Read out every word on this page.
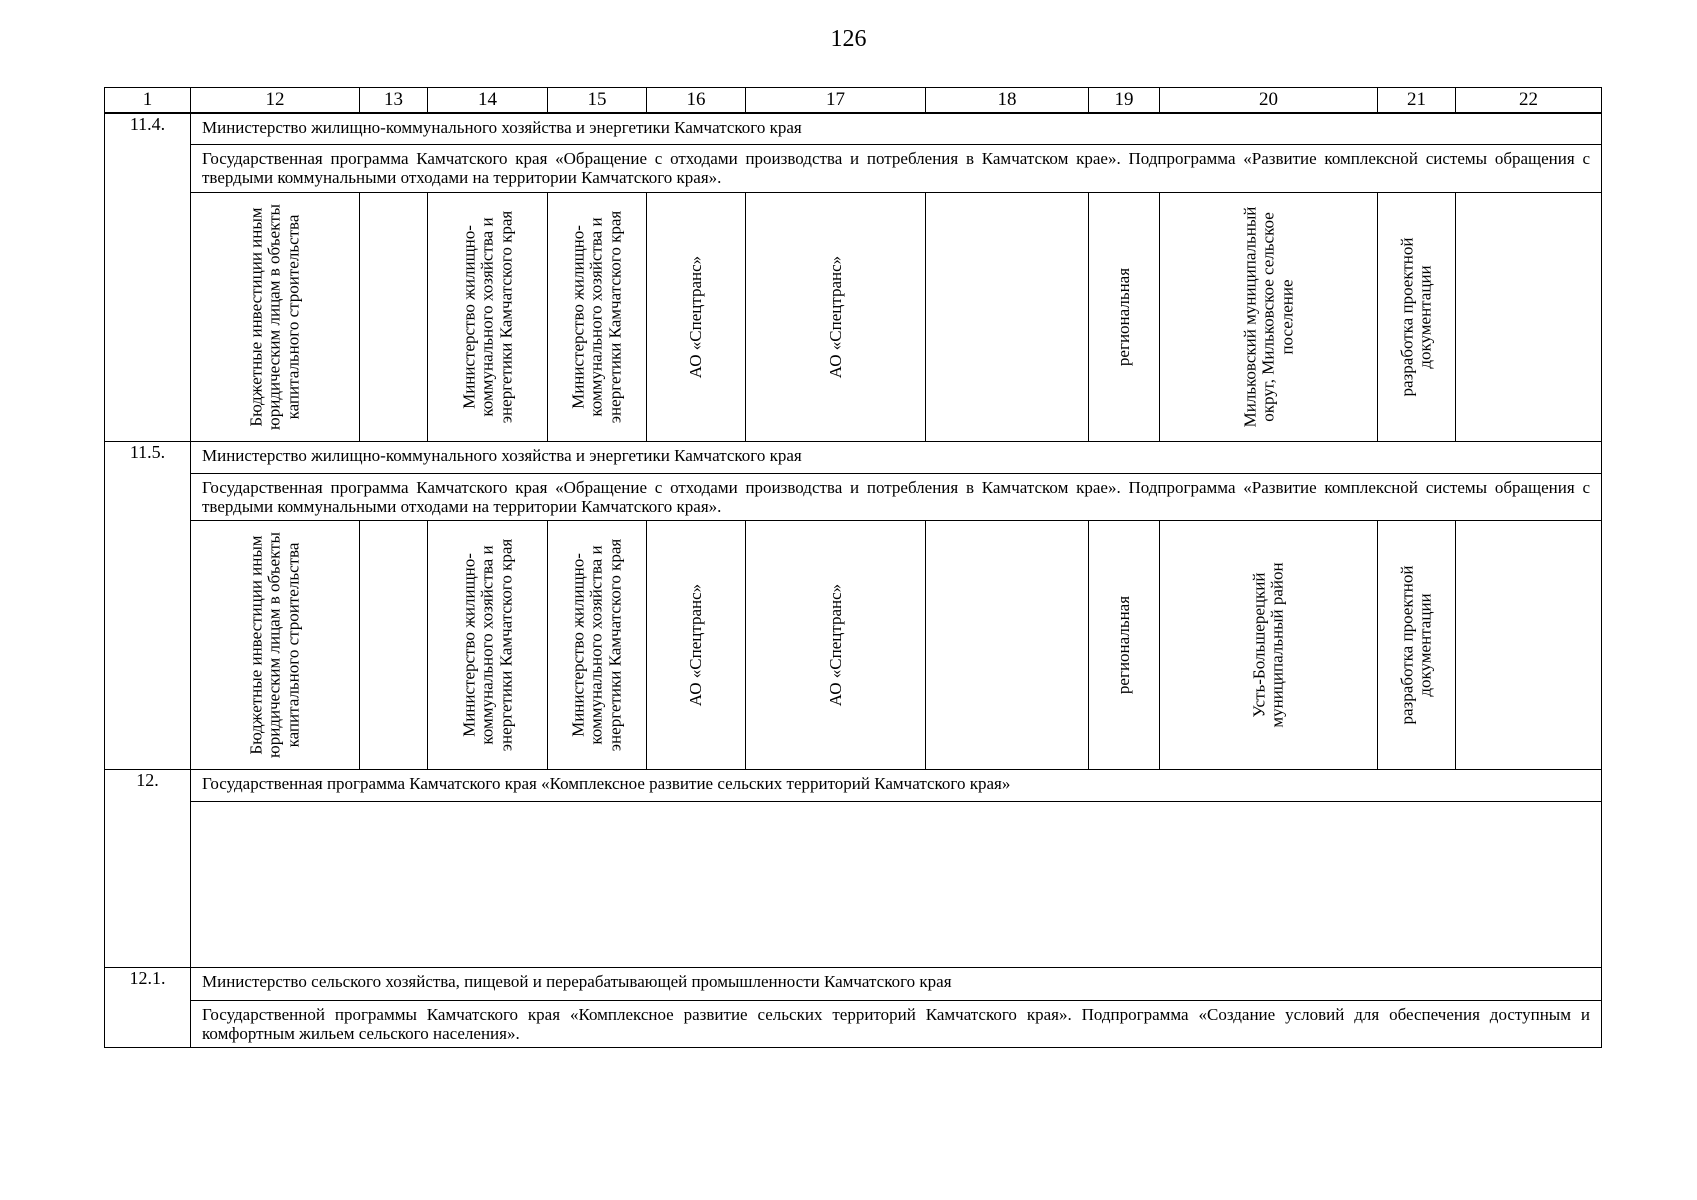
126
1	12	13	14	15	16	17	18	19	20	21	22
11.4.	Министерство жилищно-коммунального хозяйства и энергетики Камчатского края										
	Государственная программа Камчатского края «Обращение с отходами производства и потребления в Камчатском крае». Подпрограмма «Развитие комплексной системы обращения с твердыми коммунальными отходами на территории Камчатского края».										

	Бюджетные инвестиции иным юридическим лицам в объекты капитального строительства		Министерство жилищно-коммунального хозяйства и энергетики Камчатского края	Министерство жилищно-коммунального хозяйства и энергетики Камчатского края	АО «Спецтранс»	АО «Спецтранс»		региональная	Мильковский муниципальный округ, Мильковское сельское поселение	разработка проектной документации	

11.5.	Министерство жилищно-коммунального хозяйства и энергетики Камчатского края										
	Государственная программа Камчатского края «Обращение с отходами производства и потребления в Камчатском крае». Подпрограмма «Развитие комплексной системы обращения с твердыми коммунальными отходами на территории Камчатского края».										

	Бюджетные инвестиции иным юридическим лицам в объекты капитального строительства		Министерство жилищно-коммунального хозяйства и энергетики Камчатского края	Министерство жилищно-коммунального хозяйства и энергетики Камчатского края	АО «Спецтранс»	АО «Спецтранс»		региональная	Усть-Большерецкий муниципальный район	разработка проектной документации	

12.	Государственная программа Камчатского края «Комплексное развитие сельских территорий Камчатского края»										

12.1.	Министерство сельского хозяйства, пищевой и перерабатывающей промышленности Камчатского края										
	Государственной программы Камчатского края «Комплексное развитие сельских территорий Камчатского края». Подпрограмма «Создание условий для обеспечения доступным и комфортным жильем сельского населения».										
